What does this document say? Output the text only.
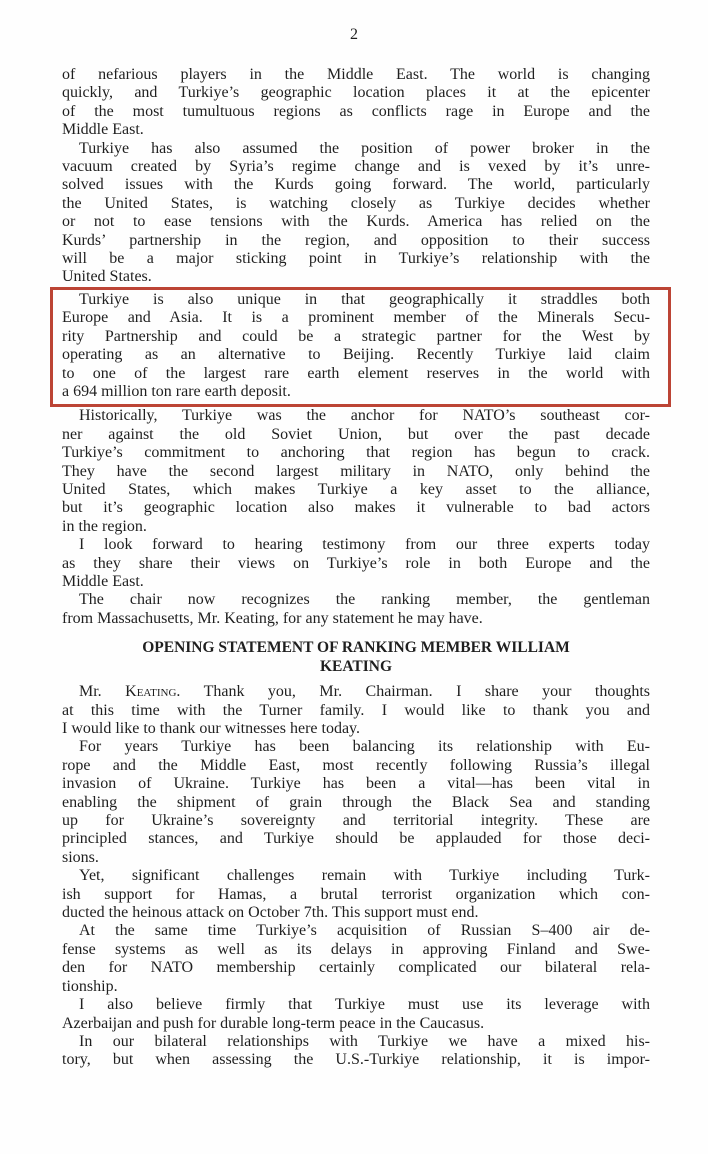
2
of nefarious players in the Middle East. The world is changing
quickly, and Turkiye’s geographic location places it at the epicenter
of the most tumultuous regions as conflicts rage in Europe and the
Middle East.
Turkiye has also assumed the position of power broker in the
vacuum created by Syria’s regime change and is vexed by it’s unre-
solved issues with the Kurds going forward. The world, particularly
the United States, is watching closely as Turkiye decides whether
or not to ease tensions with the Kurds. America has relied on the
Kurds’ partnership in the region, and opposition to their success
will be a major sticking point in Turkiye’s relationship with the
United States.
Turkiye is also unique in that geographically it straddles both
Europe and Asia. It is a prominent member of the Minerals Secu-
rity Partnership and could be a strategic partner for the West by
operating as an alternative to Beijing. Recently Turkiye laid claim
to one of the largest rare earth element reserves in the world with
a 694 million ton rare earth deposit.
Historically, Turkiye was the anchor for NATO’s southeast cor-
ner against the old Soviet Union, but over the past decade
Turkiye’s commitment to anchoring that region has begun to crack.
They have the second largest military in NATO, only behind the
United States, which makes Turkiye a key asset to the alliance,
but it’s geographic location also makes it vulnerable to bad actors
in the region.
I look forward to hearing testimony from our three experts today
as they share their views on Turkiye’s role in both Europe and the
Middle East.
The chair now recognizes the ranking member, the gentleman
from Massachusetts, Mr. Keating, for any statement he may have.
OPENING STATEMENT OF RANKING MEMBER WILLIAM
KEATING
Mr. Keating. Thank you, Mr. Chairman. I share your thoughts
at this time with the Turner family. I would like to thank you and
I would like to thank our witnesses here today.
For years Turkiye has been balancing its relationship with Eu-
rope and the Middle East, most recently following Russia’s illegal
invasion of Ukraine. Turkiye has been a vital—has been vital in
enabling the shipment of grain through the Black Sea and standing
up for Ukraine’s sovereignty and territorial integrity. These are
principled stances, and Turkiye should be applauded for those deci-
sions.
Yet, significant challenges remain with Turkiye including Turk-
ish support for Hamas, a brutal terrorist organization which con-
ducted the heinous attack on October 7th. This support must end.
At the same time Turkiye’s acquisition of Russian S–400 air de-
fense systems as well as its delays in approving Finland and Swe-
den for NATO membership certainly complicated our bilateral rela-
tionship.
I also believe firmly that Turkiye must use its leverage with
Azerbaijan and push for durable long-term peace in the Caucasus.
In our bilateral relationships with Turkiye we have a mixed his-
tory, but when assessing the U.S.-Turkiye relationship, it is impor-
